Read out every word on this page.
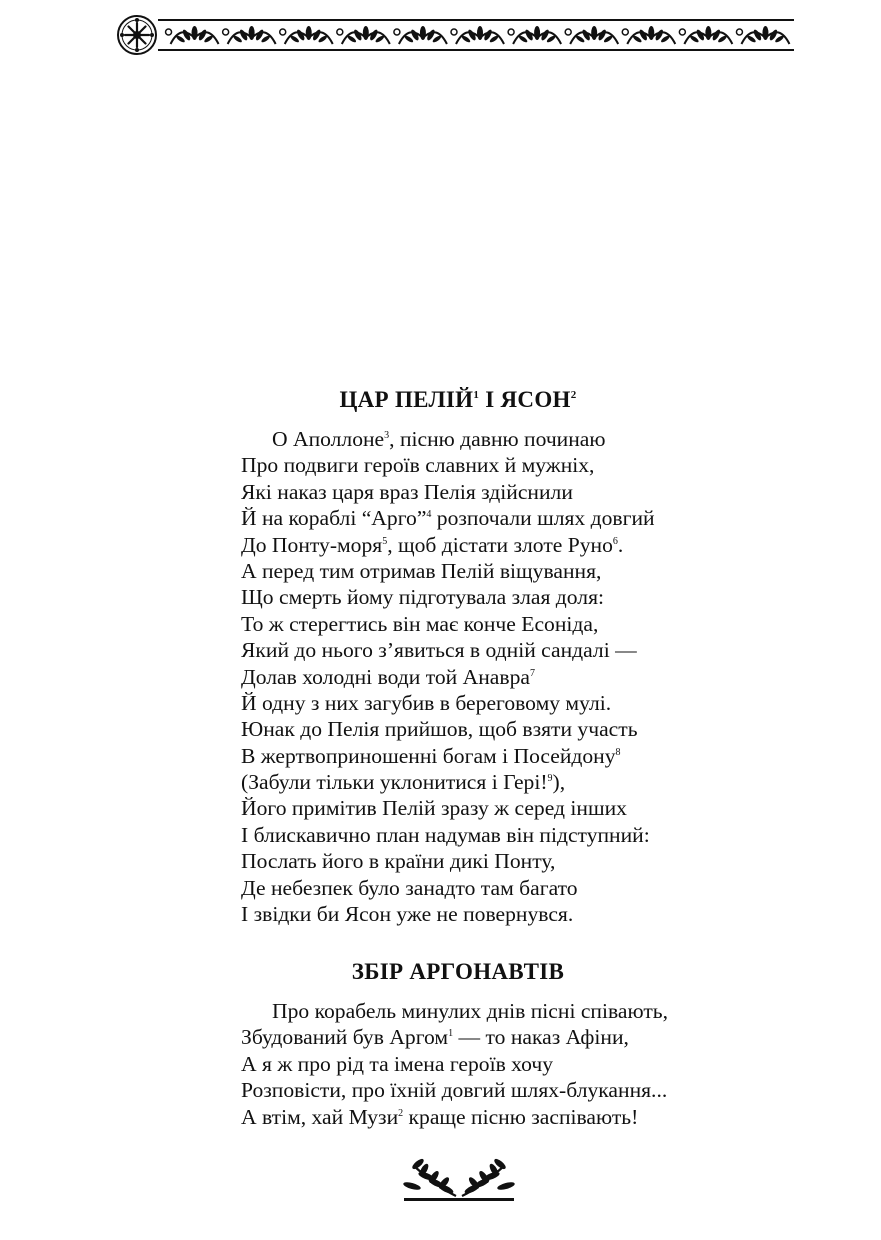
ЦАР ПЕЛІЙ$^1$ І ЯСОН$^2$
О Аполлоне$^3$, пісню давню починаю
Про подвиги героїв славних й мужніх,
Які наказ царя враз Пелія здійснили
Й на кораблі “Арго”$^4$ розпочали шлях довгий
До Понту-моря$^5$, щоб дістати злоте Руно$^6$.
А перед тим отримав Пелій віщування,
Що смерть йому підготувала злая доля:
То ж стерегтись він має конче Есоніда,
Який до нього з’явиться в одній сандалі —
Долав холодні води той Анавра$^7$
Й одну з них загубив в береговому мулі.
Юнак до Пелія прийшов, щоб взяти участь
В жертвоприношенні богам і Посейдону$^8$
(Забули тільки уклонитися і Гері!$^9$),
Його примітив Пелій зразу ж серед інших
І блискавично план надумав він підступний:
Послать його в країни дикі Понту,
Де небезпек було занадто там багато
І звідки би Ясон уже не повернувся.
ЗБІР АРГОНАВТІВ
Про корабель минулих днів пісні співають,
Збудований був Аргом$^1$ — то наказ Афіни,
А я ж про рід та імена героїв хочу
Розповісти, про їхній довгий шлях-блукання...
А втім, хай Музи$^2$ краще пісню заспівають!
